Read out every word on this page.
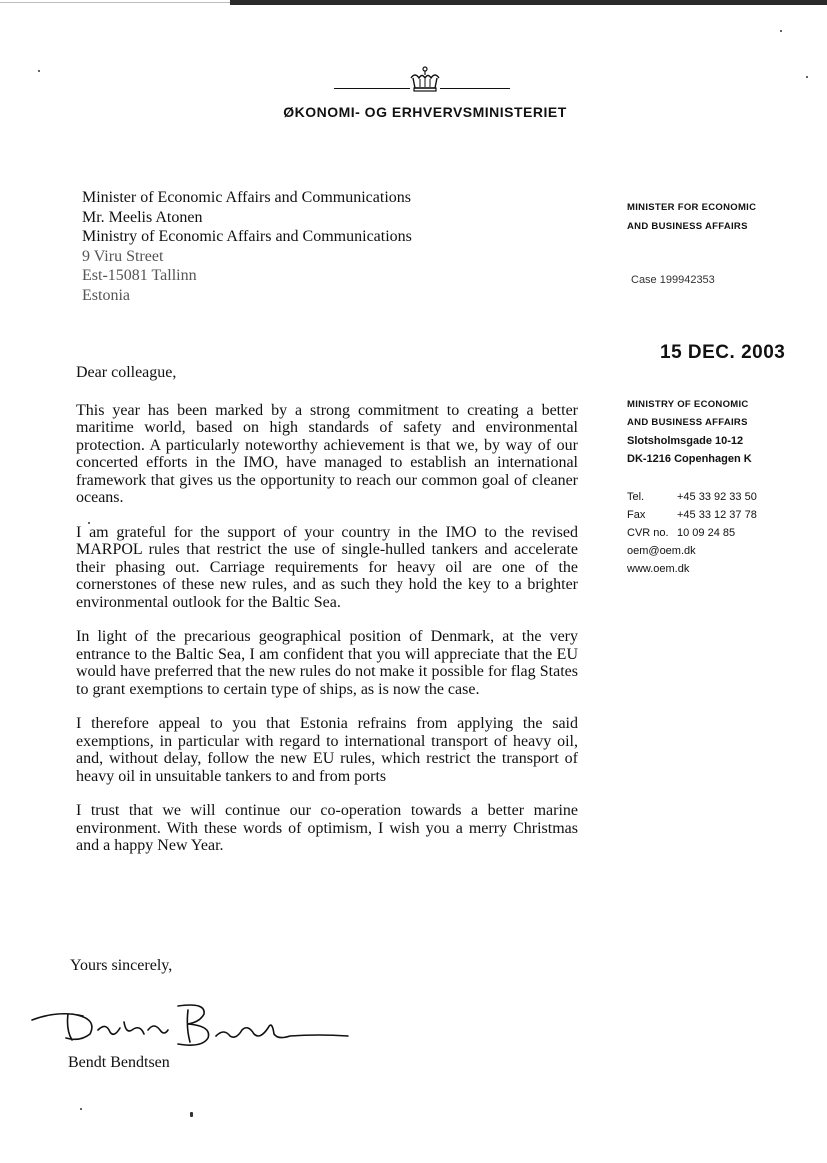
ØKONOMI- OG ERHVERVSMINISTERIET
Minister of Economic Affairs and Communications
Mr. Meelis Atonen
Ministry of Economic Affairs and Communications
9 Viru Street
Est-15081 Tallinn
Estonia
MINISTER FOR ECONOMIC
AND BUSINESS AFFAIRS
Case 199942353
15 DEC. 2003
MINISTRY OF ECONOMIC
AND BUSINESS AFFAIRS
Slotsholmsgade 10-12
DK-1216 Copenhagen K
Tel.	+45 33 92 33 50
Fax	+45 33 12 37 78
CVR no. 10 09 24 85
oem@oem.dk
www.oem.dk

Dear colleague,

This year has been marked by a strong commitment to creating a better maritime world, based on high standards of safety and environmental protection. A particularly noteworthy achievement is that we, by way of our concerted efforts in the IMO, have managed to establish an international framework that gives us the opportunity to reach our common goal of cleaner oceans.

I am grateful for the support of your country in the IMO to the revised MARPOL rules that restrict the use of single-hulled tankers and accelerate their phasing out. Carriage requirements for heavy oil are one of the cornerstones of these new rules, and as such they hold the key to a brighter environmental outlook for the Baltic Sea.

In light of the precarious geographical position of Denmark, at the very entrance to the Baltic Sea, I am confident that you will appreciate that the EU would have preferred that the new rules do not make it possible for flag States to grant exemptions to certain type of ships, as is now the case.

I therefore appeal to you that Estonia refrains from applying the said exemptions, in particular with regard to international transport of heavy oil, and, without delay, follow the new EU rules, which restrict the transport of heavy oil in unsuitable tankers to and from ports

I trust that we will continue our co-operation towards a better marine environment. With these words of optimism, I wish you a merry Christmas and a happy New Year.

Yours sincerely,
Bendt Bendtsen
